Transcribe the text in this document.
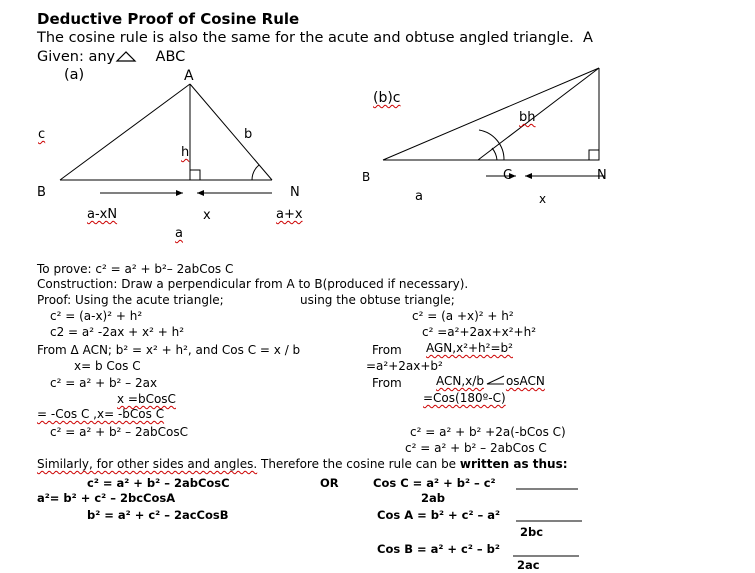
Deductive Proof of Cosine Rule
The cosine rule is also the same for the acute and obtuse angled triangle. A
Given: any	ABC
(a)	A
c	b
h
B	N
a-xN	x	a+x
a
(b)c
bh
B	C	N
a	x
To prove: c² = a² + b²– 2abCos C
Construction: Draw a perpendicular from A to B(produced if necessary).
Proof: Using the acute triangle;	using the obtuse triangle;
c² = (a-x)² + h²
c2 = a² -2ax + x² + h²
From Δ ACN; b² = x² + h², and Cos C = x / b
x= b Cos C
c² = a² + b² – 2ax
x =bCosC
= -Cos C ,x= -bCos C
c² = a² + b² – 2abCosC
c² = (a +x)² + h²
c² =a²+2ax+x²+h²
From AGN,x²+h²=b²
=a²+2ax+b²
From	ACN,x/b osACN
=Cos(180º-C)
c² = a² + b² +2a(-bCos C)
c² = a² + b² – 2abCos C
Similarly, for other sides and angles. Therefore the cosine rule can be written as thus:
c² = a² + b² – 2abCosC
a²= b² + c² – 2bcCosA
b² = a² + c² – 2acCosB
OR	Cos C = a² + b² – c²
2ab
Cos A = b² + c² – a²
2bc
Cos B = a² + c² – b²
2ac
